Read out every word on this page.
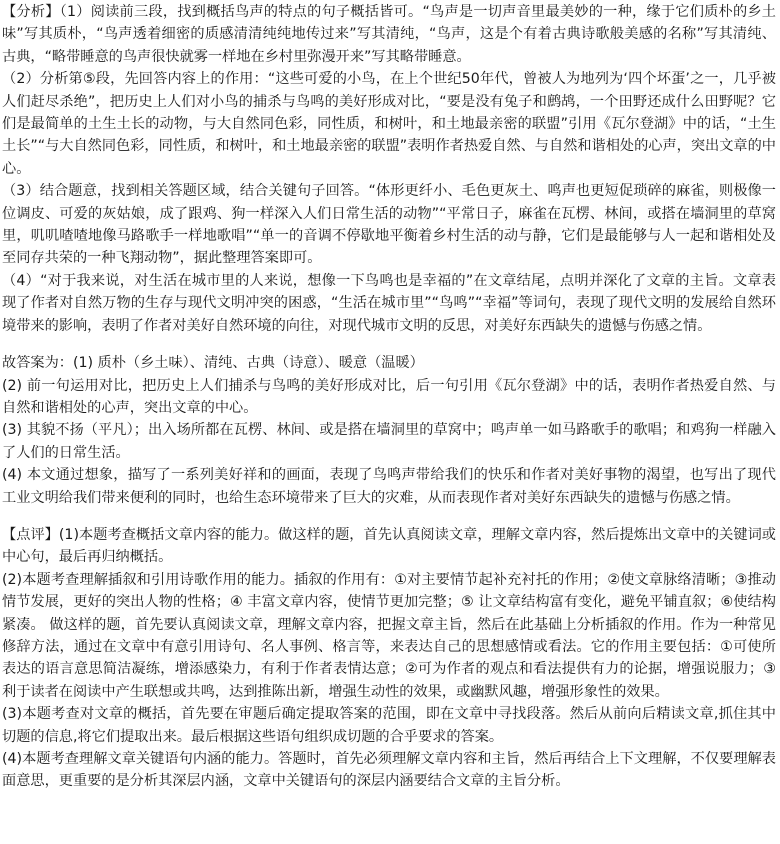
【分析】（1）阅读前三段，找到概括鸟声的特点的句子概括皆可。“鸟声是一切声音里最美妙的一种，缘于它们质朴的乡土味”写其质朴，“鸟声透着细密的质感清清纯纯地传过来”写其清纯，“鸟声，这是个有着古典诗歌般美感的名称”写其清纯、古典，“略带睡意的鸟声很快就雾一样地在乡村里弥漫开来”写其略带睡意。

（2）分析第⑤段，先回答内容上的作用：“这些可爱的小鸟，在上个世纪50年代，曾被人为地列为‘四个坏蛋’之一，几乎被人们赶尽杀绝”，把历史上人们对小鸟的捕杀与鸟鸣的美好形成对比，“要是没有兔子和鹧鸪，一个田野还成什么田野呢？它们是最简单的土生土长的动物，与大自然同色彩，同性质，和树叶，和土地最亲密的联盟”引用《瓦尔登湖》中的话，“土生土长”“与大自然同色彩，同性质，和树叶，和土地最亲密的联盟”表明作者热爱自然、与自然和谐相处的心声，突出文章的中心。

（3）结合题意，找到相关答题区域，结合关键句子回答。“体形更纤小、毛色更灰土、鸣声也更短促琐碎的麻雀，则极像一位调皮、可爱的灰姑娘，成了跟鸡、狗一样深入人们日常生活的动物”“平常日子，麻雀在瓦楞、林间，或搭在墙洞里的草窝里，叽叽喳喳地像马路歌手一样地歌唱”“单一的音调不停歇地平衡着乡村生活的动与静，它们是最能够与人一起和谐相处及至同存共荣的一种飞翔动物”，据此整理答案即可。

（4）“对于我来说，对生活在城市里的人来说，想像一下鸟鸣也是幸福的”在文章结尾，点明并深化了文章的主旨。文章表现了作者对自然万物的生存与现代文明冲突的困惑，“生活在城市里”“鸟鸣”“幸福”等词句，表现了现代文明的发展给自然环境带来的影响，表明了作者对美好自然环境的向往，对现代城市文明的反思，对美好东西缺失的遗憾与伤感之情。

故答案为：(1) 质朴（乡土味）、清纯、古典（诗意）、暖意（温暖）

(2) 前一句运用对比，把历史上人们捕杀与鸟鸣的美好形成对比，后一句引用《瓦尔登湖》中的话，表明作者热爱自然、与自然和谐相处的心声，突出文章的中心。

(3) 其貌不扬（平凡）；出入场所都在瓦楞、林间、或是搭在墙洞里的草窝中；鸣声单一如马路歌手的歌唱；和鸡狗一样融入了人们的日常生活。

(4) 本文通过想象，描写了一系列美好祥和的画面，表现了鸟鸣声带给我们的快乐和作者对美好事物的渴望，也写出了现代工业文明给我们带来便利的同时，也给生态环境带来了巨大的灾难，从而表现作者对美好东西缺失的遗憾与伤感之情。

【点评】(1)本题考查概括文章内容的能力。做这样的题，首先认真阅读文章，理解文章内容，然后提炼出文章中的关键词或中心句，最后再归纳概括。

(2)本题考查理解插叙和引用诗歌作用的能力。插叙的作用有：①对主要情节起补充衬托的作用；②使文章脉络清晰；③推动情节发展，更好的突出人物的性格；④ 丰富文章内容，使情节更加完整；⑤ 让文章结构富有变化，避免平铺直叙；⑥使结构紧凑。 做这样的题，首先要认真阅读文章，理解文章内容，把握文章主旨，然后在此基础上分析插叙的作用。作为一种常见修辞方法，通过在文章中有意引用诗句、名人事例、格言等，来表达自己的思想感情或看法。它的作用主要包括：①可使所表达的语言意思简洁凝练，增添感染力，有利于作者表情达意；②可为作者的观点和看法提供有力的论据，增强说服力；③利于读者在阅读中产生联想或共鸣，达到推陈出新，增强生动性的效果，或幽默风趣，增强形象性的效果。

(3)本题考查对文章的概括，首先要在审题后确定提取答案的范围，即在文章中寻找段落。然后从前向后精读文章,抓住其中切题的信息,将它们提取出来。最后根据这些语句组织成切题的合乎要求的答案。

(4)本题考查理解文章关键语句内涵的能力。答题时，首先必须理解文章内容和主旨，然后再结合上下文理解，不仅要理解表面意思，更重要的是分析其深层内涵，文章中关键语句的深层内涵要结合文章的主旨分析。
